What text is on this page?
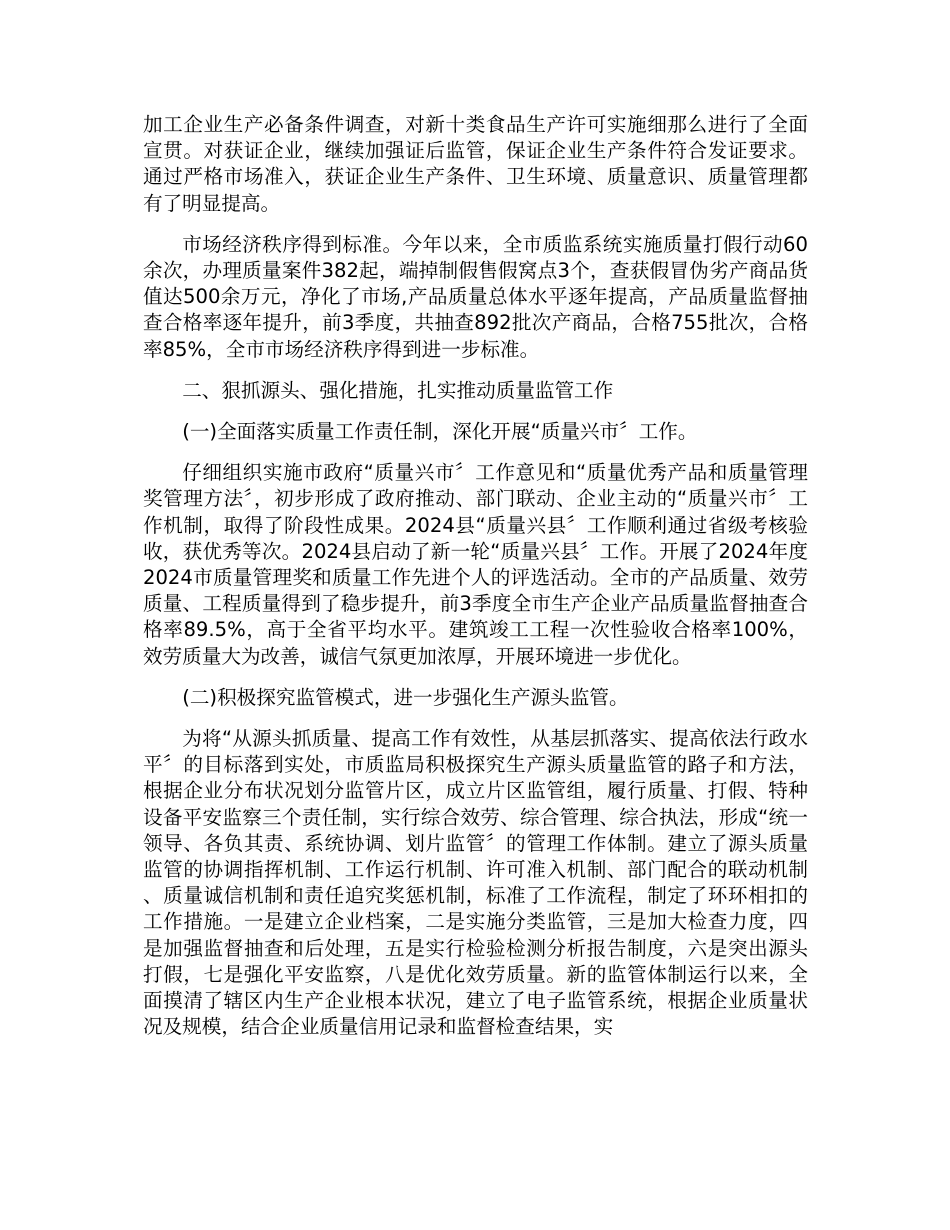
加工企业生产必备条件调查，对新十类食品生产许可实施细那么进行了全面宣贯。对获证企业，继续加强证后监管，保证企业生产条件符合发证要求。通过严格市场准入，获证企业生产条件、卫生环境、质量意识、质量管理都有了明显提高。

市场经济秩序得到标准。今年以来，全市质监系统实施质量打假行动60余次，办理质量案件382起，端掉制假售假窝点3个，查获假冒伪劣产商品货值达500余万元，净化了市场,产品质量总体水平逐年提高，产品质量监督抽查合格率逐年提升，前3季度，共抽查892批次产商品，合格755批次，合格率85%，全市市场经济秩序得到进一步标准。

二、狠抓源头、强化措施，扎实推动质量监管工作

(一)全面落实质量工作责任制，深化开展“质量兴市〞工作。

仔细组织实施市政府“质量兴市〞工作意见和“质量优秀产品和质量管理奖管理方法〞，初步形成了政府推动、部门联动、企业主动的“质量兴市〞工作机制，取得了阶段性成果。2024县“质量兴县〞工作顺利通过省级考核验收，获优秀等次。2024县启动了新一轮“质量兴县〞工作。开展了2024年度2024市质量管理奖和质量工作先进个人的评选活动。全市的产品质量、效劳质量、工程质量得到了稳步提升，前3季度全市生产企业产品质量监督抽查合格率89.5%，高于全省平均水平。建筑竣工工程一次性验收合格率100%，效劳质量大为改善，诚信气氛更加浓厚，开展环境进一步优化。

(二)积极探究监管模式，进一步强化生产源头监管。

为将“从源头抓质量、提高工作有效性，从基层抓落实、提高依法行政水平〞的目标落到实处，市质监局积极探究生产源头质量监管的路子和方法，根据企业分布状况划分监管片区，成立片区监管组，履行质量、打假、特种设备平安监察三个责任制，实行综合效劳、综合管理、综合执法，形成“统一领导、各负其责、系统协调、划片监管〞的管理工作体制。建立了源头质量监管的协调指挥机制、工作运行机制、许可准入机制、部门配合的联动机制、质量诚信机制和责任追究奖惩机制，标准了工作流程，制定了环环相扣的工作措施。一是建立企业档案，二是实施分类监管，三是加大检查力度，四是加强监督抽查和后处理，五是实行检验检测分析报告制度，六是突出源头打假，七是强化平安监察，八是优化效劳质量。新的监管体制运行以来，全面摸清了辖区内生产企业根本状况，建立了电子监管系统，根据企业质量状况及规模，结合企业质量信用记录和监督检查结果，实
